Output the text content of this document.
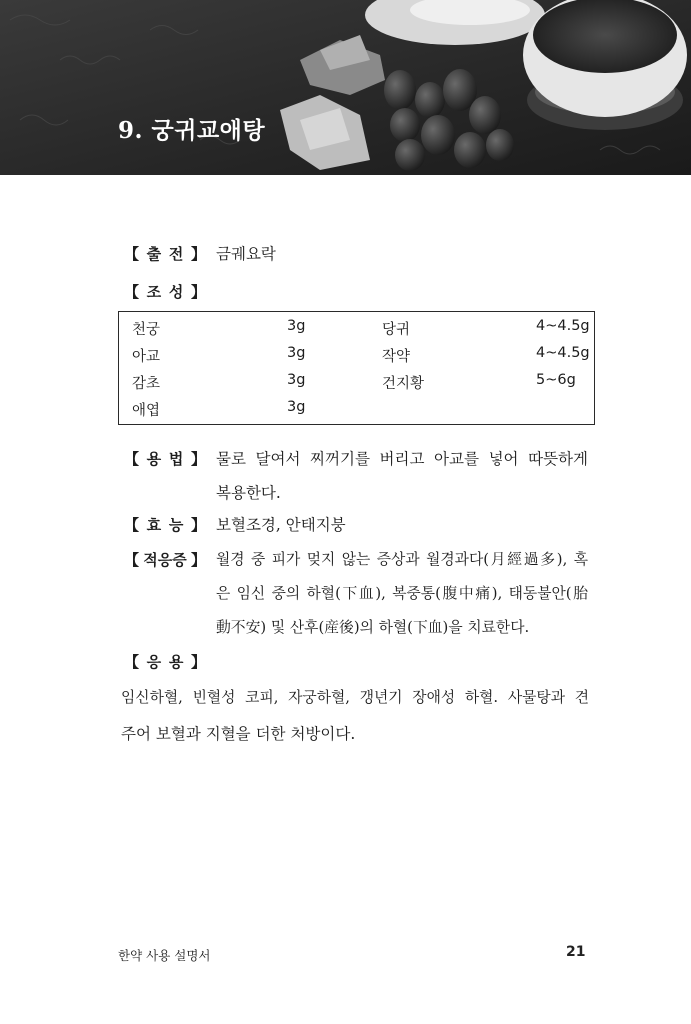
9. 궁귀교애탕
【 출 전 】 금궤요락
【 조 성 】
천궁	3g	당귀	4~4.5g
아교	3g	작약	4~4.5g
감초	3g	건지황	5~6g
애엽	3g
【 용 법 】 물로 달여서 찌꺼기를 버리고 아교를 넣어 따뜻하게
복용한다.
【 효 능 】 보혈조경, 안태지붕
【 적응증 】 월경 중 피가 멎지 않는 증상과 월경과다(月經過多), 혹
은 임신 중의 하혈(下血), 복중통(腹中痛), 태동불안(胎
動不安) 및 산후(産後)의 하혈(下血)을 치료한다.
【 응 용 】
임신하혈, 빈혈성 코피, 자궁하혈, 갱년기 장애성 하혈. 사물탕과 견
주어 보혈과 지혈을 더한 처방이다.
한약 사용 설명서	21
